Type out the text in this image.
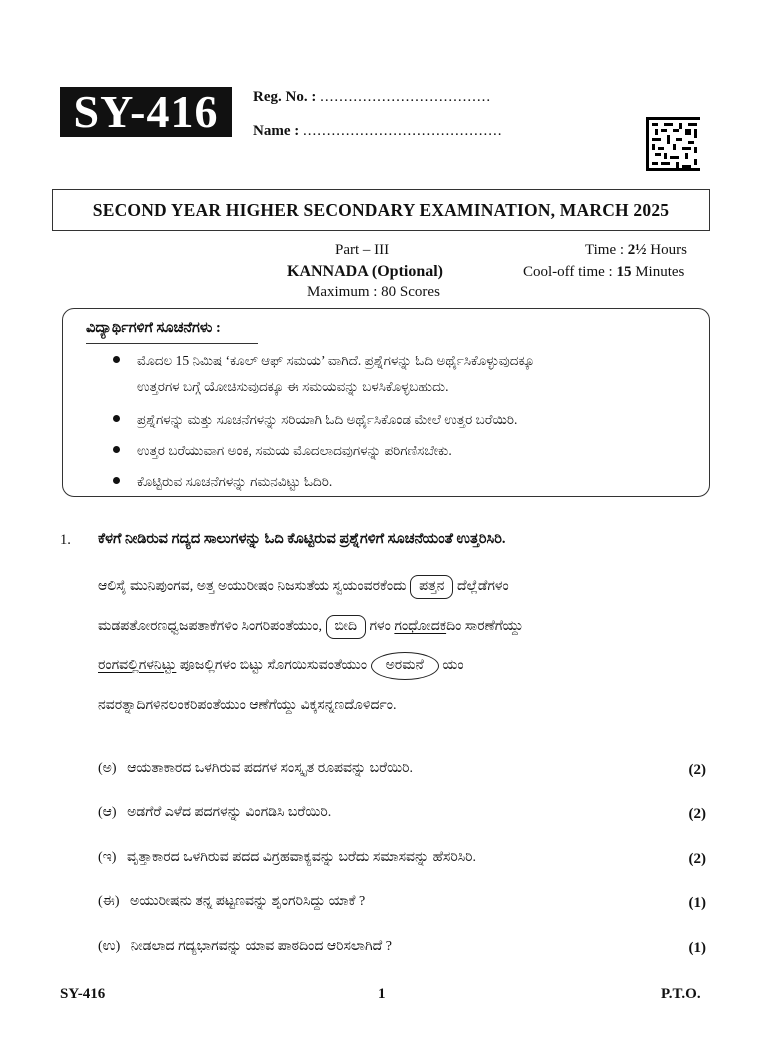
SY-416	Reg. No. : ....................................
Name : ..........................................
SECOND YEAR HIGHER SECONDARY EXAMINATION, MARCH 2025
Part – III
KANNADA (Optional)
Maximum : 80 Scores
Time : 2½ Hours
Cool-off time : 15 Minutes
ವಿದ್ಯಾರ್ಥಿಗಳಿಗೆ ಸೂಚನೆಗಳು :
ಮೊದಲ 15 ನಿಮಿಷ ‘ಕೂಲ್ ಆಫ್ ಸಮಯ’ ವಾಗಿದೆ. ಪ್ರಶ್ನೆಗಳನ್ನು ಓದಿ ಅರ್ಥೈಸಿಕೊಳ್ಳುವುದಕ್ಕೂ
ಉತ್ತರಗಳ ಬಗ್ಗೆ ಯೋಚಿಸುವುದಕ್ಕೂ ಈ ಸಮಯವನ್ನು ಬಳಸಿಕೊಳ್ಳಬಹುದು.
ಪ್ರಶ್ನೆಗಳನ್ನು ಮತ್ತು ಸೂಚನೆಗಳನ್ನು ಸರಿಯಾಗಿ ಓದಿ ಅರ್ಥೈಸಿಕೊಂಡ ಮೇಲೆ ಉತ್ತರ ಬರೆಯಿರಿ.
ಉತ್ತರ ಬರೆಯುವಾಗ ಅಂಕ, ಸಮಯ ಮೊದಲಾದವುಗಳನ್ನು ಪರಿಗಣಿಸಬೇಕು.
ಕೊಟ್ಟಿರುವ ಸೂಚನೆಗಳನ್ನು ಗಮನವಿಟ್ಟು ಓದಿರಿ.
1. ಕೆಳಗೆ ನೀಡಿರುವ ಗದ್ಯದ ಸಾಲುಗಳನ್ನು ಓದಿ ಕೊಟ್ಟಿರುವ ಪ್ರಶ್ನೆಗಳಿಗೆ ಸೂಚನೆಯಂತೆ ಉತ್ತರಿಸಿರಿ.
ಆಲಿಸೈ ಮುನಿಪುಂಗವ, ಅತ್ತ ಅಯುರೀಷಂ ನಿಜಸುತೆಯ ಸ್ವಯಂವರಕೆಂದು ಪತ್ತನ ದೆಲ್ಲೆಡೆಗಳಂ
ಮಡಪತೋರಣಧ್ವಜಪತಾಕೆಗಳಿಂ ಸಿಂಗರಿಪಂತೆಯುಂ, ಬೀದಿ ಗಳಂ ಗಂಧೋದಕದಿಂ ಸಾರಣೆಗೆಯ್ದು
ರಂಗವಲ್ಲಿಗಳನಿಟ್ಟು ಪೂಜಲ್ಲಿಗಳಂ ಬಿಟ್ಟು ಸೊಗಯಿಸುವಂತೆಯುಂ ಅರಮನೆ ಯಂ
ನವರತ್ನಾದಿಗಳಿನಲಂಕರಿಪಂತೆಯುಂ ಆಣೆಗೆಯ್ದು ವಿಕ್ಕಸನ್ನಣದೊಳಿರ್ದಂ.
(ಅ) ಆಯತಾಕಾರದ ಒಳಗಿರುವ ಪದಗಳ ಸಂಸ್ಕೃತ ರೂಪವನ್ನು ಬರೆಯಿರಿ.	(2)
(ಆ) ಅಡಗೆರೆ ಎಳೆದ ಪದಗಳನ್ನು ವಿಂಗಡಿಸಿ ಬರೆಯಿರಿ.	(2)
(ಇ) ವೃತ್ತಾಕಾರದ ಒಳಗಿರುವ ಪದದ ವಿಗ್ರಹವಾಕ್ಯವನ್ನು ಬರೆದು ಸಮಾಸವನ್ನು ಹೆಸರಿಸಿರಿ.	(2)
(ಈ) ಅಯುರೀಷನು ತನ್ನ ಪಟ್ಟಣವನ್ನು ಶೃಂಗರಿಸಿದ್ದು ಯಾಕೆ ?	(1)
(ಉ) ನೀಡಲಾದ ಗದ್ಯಭಾಗವನ್ನು ಯಾವ ಪಾಠದಿಂದ ಆರಿಸಲಾಗಿದೆ ?	(1)
SY-416	1	P.T.O.
